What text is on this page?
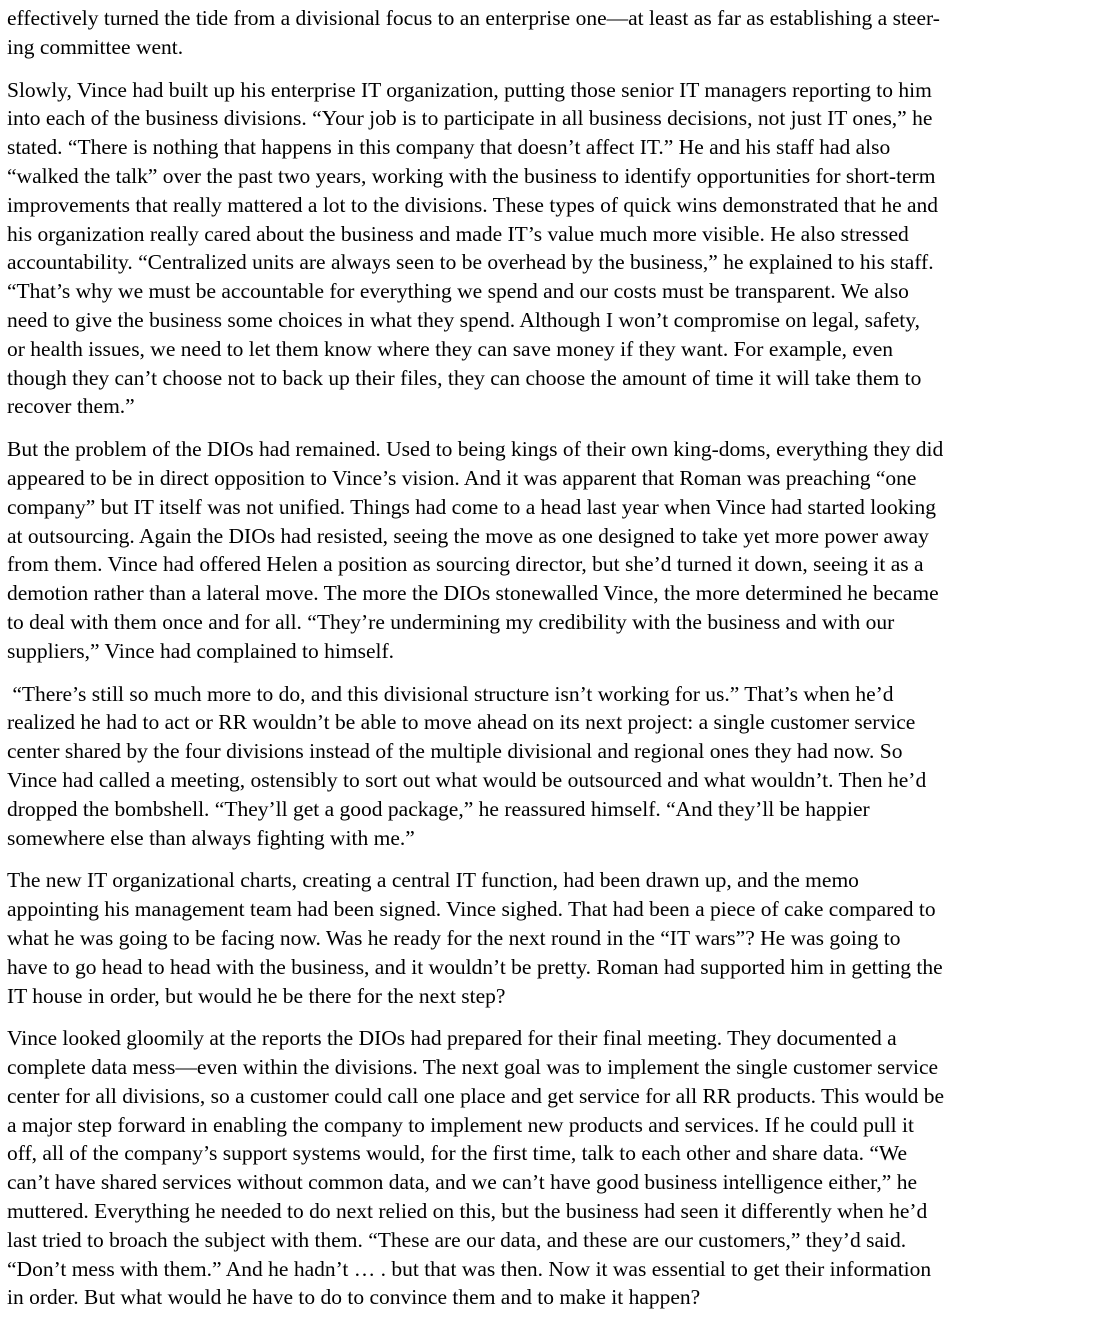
effectively turned the tide from a divisional focus to an enterprise one—at least as far as establishing a steer-
ing committee went.
Slowly, Vince had built up his enterprise IT organization, putting those senior IT managers reporting to him
into each of the business divisions. “Your job is to participate in all business decisions, not just IT ones,” he
stated. “There is nothing that happens in this company that doesn’t affect IT.” He and his staff had also
“walked the talk” over the past two years, working with the business to identify opportunities for short-term
improvements that really mattered a lot to the divisions. These types of quick wins demonstrated that he and
his organization really cared about the business and made IT’s value much more visible. He also stressed
accountability. “Centralized units are always seen to be overhead by the business,” he explained to his staff.
“That’s why we must be accountable for everything we spend and our costs must be transparent. We also
need to give the business some choices in what they spend. Although I won’t compromise on legal, safety,
or health issues, we need to let them know where they can save money if they want. For example, even
though they can’t choose not to back up their files, they can choose the amount of time it will take them to
recover them.”
But the problem of the DIOs had remained. Used to being kings of their own king-doms, everything they did
appeared to be in direct opposition to Vince’s vision. And it was apparent that Roman was preaching “one
company” but IT itself was not unified. Things had come to a head last year when Vince had started looking
at outsourcing. Again the DIOs had resisted, seeing the move as one designed to take yet more power away
from them. Vince had offered Helen a position as sourcing director, but she’d turned it down, seeing it as a
demotion rather than a lateral move. The more the DIOs stonewalled Vince, the more determined he became
to deal with them once and for all. “They’re undermining my credibility with the business and with our
suppliers,” Vince had complained to himself.
“There’s still so much more to do, and this divisional structure isn’t working for us.” That’s when he’d
realized he had to act or RR wouldn’t be able to move ahead on its next project: a single customer service
center shared by the four divisions instead of the multiple divisional and regional ones they had now. So
Vince had called a meeting, ostensibly to sort out what would be outsourced and what wouldn’t. Then he’d
dropped the bombshell. “They’ll get a good package,” he reassured himself. “And they’ll be happier
somewhere else than always fighting with me.”
The new IT organizational charts, creating a central IT function, had been drawn up, and the memo
appointing his management team had been signed. Vince sighed. That had been a piece of cake compared to
what he was going to be facing now. Was he ready for the next round in the “IT wars”? He was going to
have to go head to head with the business, and it wouldn’t be pretty. Roman had supported him in getting the
IT house in order, but would he be there for the next step?
Vince looked gloomily at the reports the DIOs had prepared for their final meeting. They documented a
complete data mess—even within the divisions. The next goal was to implement the single customer service
center for all divisions, so a customer could call one place and get service for all RR products. This would be
a major step forward in enabling the company to implement new products and services. If he could pull it
off, all of the company’s support systems would, for the first time, talk to each other and share data. “We
can’t have shared services without common data, and we can’t have good business intelligence either,” he
muttered. Everything he needed to do next relied on this, but the business had seen it differently when he’d
last tried to broach the subject with them. “These are our data, and these are our customers,” they’d said.
“Don’t mess with them.” And he hadn’t … . but that was then. Now it was essential to get their information
in order. But what would he have to do to convince them and to make it happen?
